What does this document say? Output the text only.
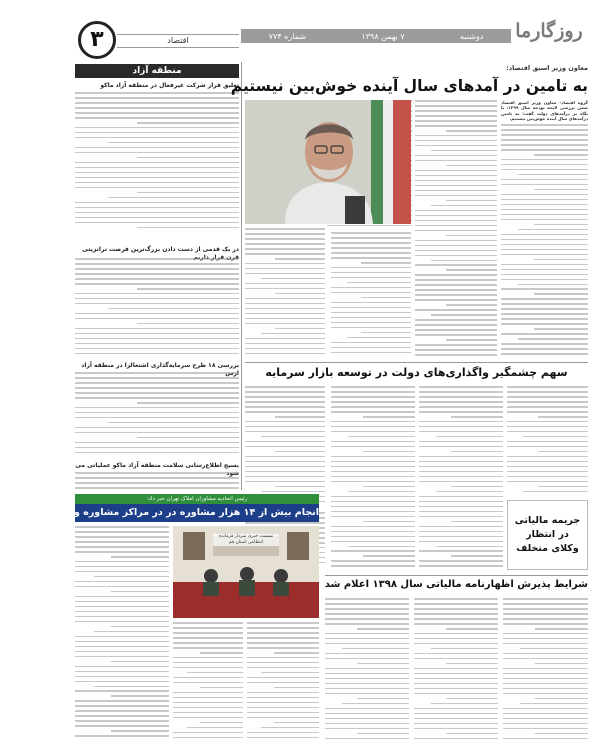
روزگارما
دوشنبه
۷ بهمن ۱۳۹۸
شماره ۷۷۴
اقتصاد
۳
منطقه آزاد
تعلیق فراز شرکت غیرفعال در منطقه آزاد ماکو
در یک قدمی از دست دادن بزرگ‌ترین فرصت ترانزیتی
بررسی ۱۸ طرح سرمایه‌گذاری اشتغالزا در منطقه آزاد
بسیج اطلاع‌رسانی سلامت منطقه آزاد ماکو عملیاتی می
معاون وزیر اسبق اقتصاد:
به تامین در آمدهای سال آینده خوش‌بین نیستیم
گروه اقتصاد- معاون وزیر اسبق اقتصاد ضمن بررسی لایحه بودجه سال ۱۳۹۹، با نگاه بر درآمدهای دولت گفت: به تامین درآمدهای سال آینده خوش‌بین نیستیم.
سهم چشمگیر واگذاری‌های دولت در توسعه بازار سرمایه
جریمه مالیاتی در انتظار وکلای متخلف
رئیس اتحادیه مشاوران املاک تهران خبر داد:
انجام بیش از ۱۴ هزار مشاوره در در مراکز مشاوره و کلانتری‌های قم
نشست خبری سردار فرمانده انتظامی استان قم
شرایط پذیرش اظهارنامه مالیاتی سال ۱۳۹۸ اعلام شد
